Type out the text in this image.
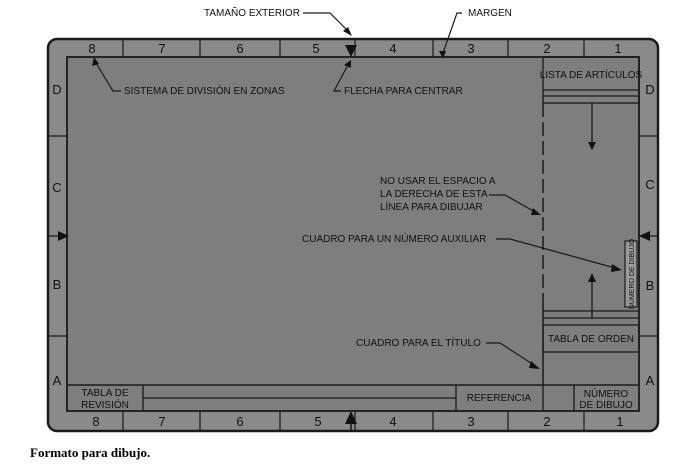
8	7	6	5	4	3	2	1
8	7	6	5	4	3	2	1
D
C
B
A
D
C
B
A
LISTA DE ARTÍCULOS
TABLA DE ORDEN
NÚMERO DE DIBUJO
TABLA DE
REVISIÓN
REFERENCIA	NÚMERO
DE DIBUJO
TAMAÑO EXTERIOR	MARGEN
SISTEMA DE DIVISIÓN EN ZONAS	FLECHA PARA CENTRAR
NO USAR EL ESPACIO A
LA DERECHA DE ESTA
LÍNEA PARA DIBUJAR
CUADRO PARA UN NÚMERO AUXILIAR
CUADRO PARA EL TÍTULO

Formato para dibujo.
